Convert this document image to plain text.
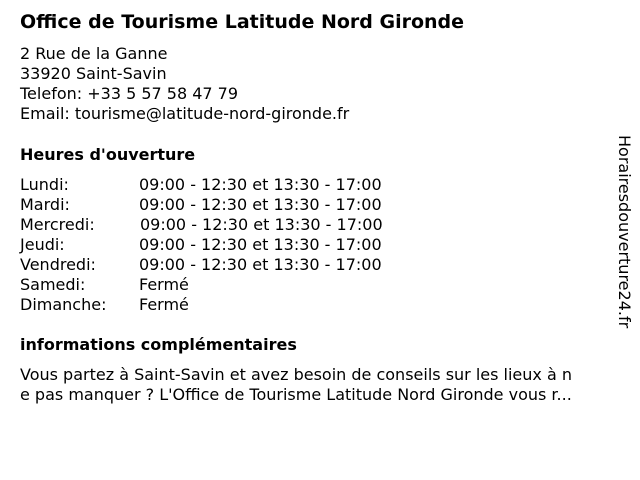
Office de Tourisme Latitude Nord Gironde
2 Rue de la Ganne
33920 Saint-Savin
Telefon: +33 5 57 58 47 79
Email: tourisme@latitude-nord-gironde.fr
Heures d'ouverture
Lundi:	09:00 - 12:30 et 13:30 - 17:00
Mardi:	09:00 - 12:30 et 13:30 - 17:00
Mercredi:	09:00 - 12:30 et 13:30 - 17:00
Jeudi:	09:00 - 12:30 et 13:30 - 17:00
Vendredi:	09:00 - 12:30 et 13:30 - 17:00
Samedi:	Fermé
Dimanche: Fermé
informations complémentaires
Vous partez à Saint-Savin et avez besoin de conseils sur les lieux à n
e pas manquer ? L'Office de Tourisme Latitude Nord Gironde vous r...
Horairesdouverture24.fr
